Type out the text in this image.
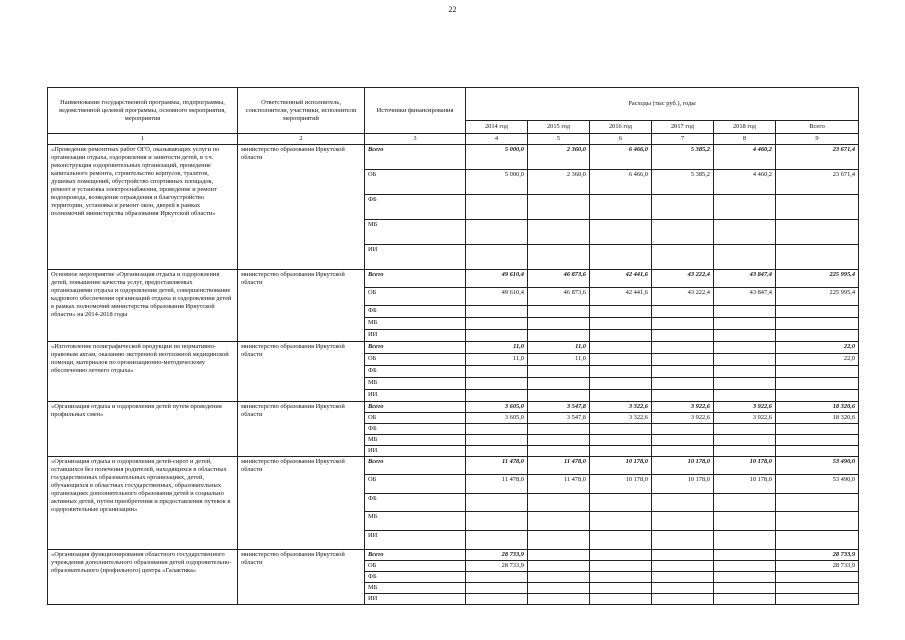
22
Наименование государственной программы, подпрограммы, ведомственной целевой программы, основного мероприятия, мероприятия	Ответственный исполнитель, соисполнители, участники, исполнители мероприятий	Источники финансирования	Расходы (тыс руб.), годы					
			2014 год	2015 год	2016 год	2017 год	2018 год	Всего
1	2	3	4	5	6	7	8	9
«Проведение ремонтных работ ОГО, оказывающих услуги по организации отдыха, оздоровления и занятости детей, в т.ч. реконструкция оздоровительных организаций, проведение капитального ремонта, строительство корпусов, туалетов, душевых помещений, обустройство спортивных площадок, ремонт и установка электроснабжения, проведение и ремонт водопровода, возведение ограждения и благоустройство территории, установка и ремонт окон, дверей в рамках полномочий министерства образования Иркутской области»	министерство образования Иркутской области	Всего	5 000,0	2 360,0	6 466,0	5 385,2	4 460,2	23 671,4
		ОБ	5 000,0	2 360,0	6 466,0	5 385,2	4 460,2	23 671,4
		ФБ						
		МБ						
		ИИ						
Основное мероприятие «Организация отдыха и оздоровления детей, повышение качества услуг, предоставляемых организациями отдыха и оздоровления детей, совершенствование кадрового обеспечения организаций отдыха и оздоровления детей в рамках полномочий министерства образования Иркутской области» на 2014-2018 годы	министерство образования Иркутской области	Всего	49 610,4	46 873,6	42 441,6	43 222,4	43 847,4	225 995,4
		ОБ	49 610,4	46 873,6	42 441,6	43 222,4	43 847,4	225 995,4
		ФБ						
		МБ						
		ИИ						
«Изготовление полиграфической продукции по нормативно-правовым актам, оказанию экстренной неотложной медицинской помощи, материалов по организационно-методическому обеспечению летнего отдыха»	министерство образования Иркутской области	Всего	11,0	11,0				22,0
		ОБ	11,0	11,0				22,0
		ФБ						
		МБ						
		ИИ						
«Организация отдыха и оздоровления детей путем проведения профильных смен»	министерство образования Иркутской области	Всего	3 605,0	3 547,8	3 322,6	3 922,6	3 922,6	18 320,6
		ОБ	3 605,0	3 547,8	3 322,6	3 922,6	3 922,6	18 320,6
		ФБ						
		МБ						
		ИИ						
«Организация отдыха и оздоровления детей-сирот и детей, оставшихся без попечения родителей, находящихся в областных государственных образовательных организациях, детей, обучающихся в областных государственных, образовательных организациях дополнительного образования детей и социально активных детей, путем приобретения и предоставления путевок в оздоровительные организации»	министерство образования Иркутской области	Всего	11 478,0	11 478,0	10 178,0	10 178,0	10 178,0	53 490,0
		ОБ	11 478,0	11 478,0	10 178,0	10 178,0	10 178,0	53 490,0
		ФБ						
		МБ						
		ИИ						
«Организация функционирования областного государственного учреждения дополнительного образования детей оздоровительно-образовательного (профильного) центра «Галактика»	министерство образования Иркутской области	Всего	28 733,9					28 733,9
		ОБ	28 733,9					28 733,9
		ФБ						
		МБ						
		ИИ						
